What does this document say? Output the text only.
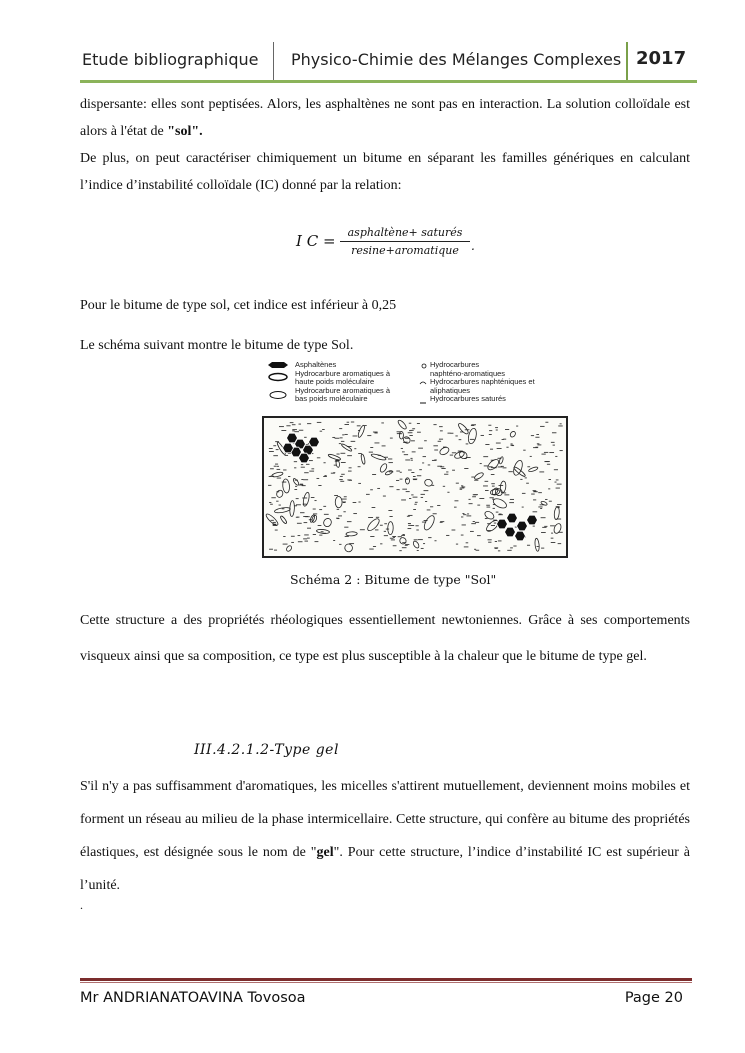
Etude bibliographique Physico-Chimie des Mélanges Complexes 2017
dispersante: elles sont peptisées. Alors, les asphaltènes ne sont pas en interaction. La solution colloïdale est alors à l'état de "sol".
De plus, on peut caractériser chimiquement un bitume en séparant les familles génériques en calculant l’indice d’instabilité colloïdale (IC) donné par la relation:
I C =	asphaltène+ saturés
resine+aromatique	.
Pour le bitume de type sol, cet indice est inférieur à 0,25
Le schéma suivant montre le bitume de type Sol.
Asphaltènes
Hydrocarbure aromatiques à
haute poids moléculaire
Hydrocarbure aromatiques à
bas poids moléculaire
Hydrocarbures
naphténo-aromatiques
Hydrocarbures naphténiques et
aliphatiques
Hydrocarbures saturés
Schéma 2 : Bitume de type "Sol"
Cette structure a des propriétés rhéologiques essentiellement newtoniennes. Grâce à ses comportements visqueux ainsi que sa composition, ce type est plus susceptible à la chaleur que le bitume de type gel.
III.4.2.1.2-Type gel
S'il n'y a pas suffisamment d'aromatiques, les micelles s'attirent mutuellement, deviennent moins mobiles et forment un réseau au milieu de la phase intermicellaire. Cette structure, qui confère au bitume des propriétés élastiques, est désignée sous le nom de "gel". Pour cette structure, l’indice d’instabilité IC est supérieur à l’unité.
.
Mr ANDRIANATOAVINA Tovosoa	Page 20
